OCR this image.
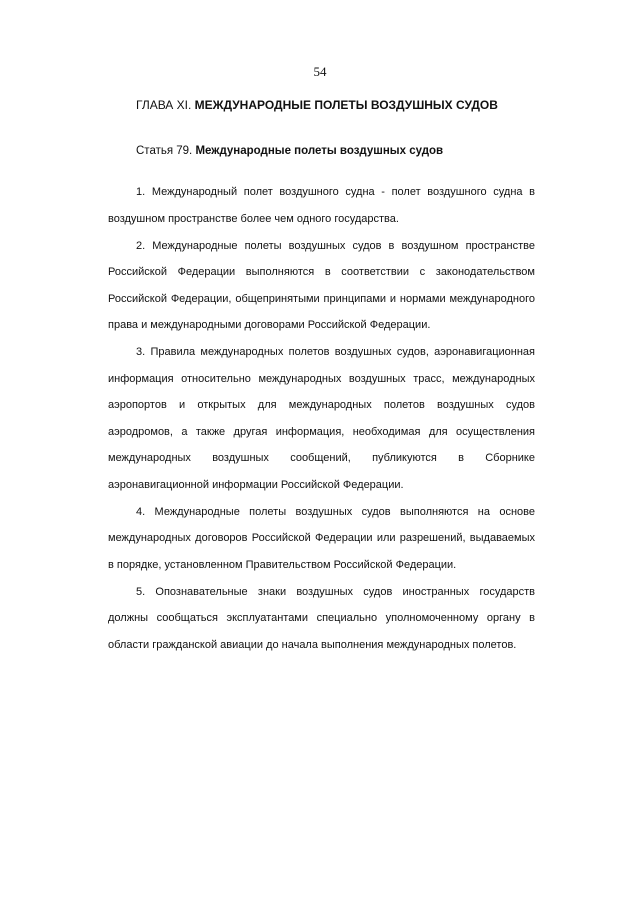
54
ГЛАВА XI. МЕЖДУНАРОДНЫЕ ПОЛЕТЫ ВОЗДУШНЫХ СУДОВ
Статья 79. Международные полеты воздушных судов

1. Международный полет воздушного судна - полет воздушного судна в воздушном пространстве более чем одного государства.

2. Международные полеты воздушных судов в воздушном пространстве Российской Федерации выполняются в соответствии с законодательством Российской Федерации, общепринятыми принципами и нормами международного права и международными договорами Российской Федерации.

3. Правила международных полетов воздушных судов, аэронавигационная информация относительно международных воздушных трасс, международных аэропортов и открытых для международных полетов воздушных судов аэродромов, а также другая информация, необходимая для осуществления международных воздушных сообщений, публикуются в Сборнике аэронавигационной информации Российской Федерации.

4. Международные полеты воздушных судов выполняются на основе международных договоров Российской Федерации или разрешений, выдаваемых в порядке, установленном Правительством Российской Федерации.

5. Опознавательные знаки воздушных судов иностранных государств должны сообщаться эксплуатантами специально уполномоченному органу в области гражданской авиации до начала выполнения международных полетов.
